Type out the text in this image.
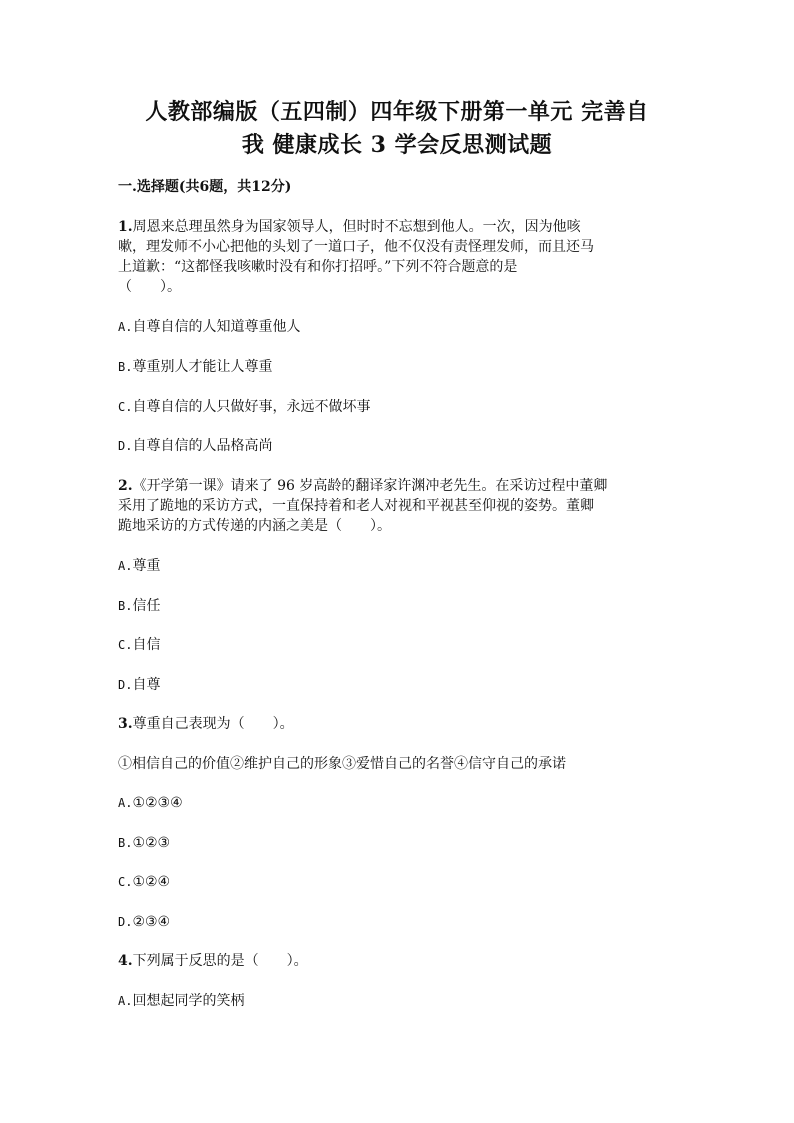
人教部编版（五四制）四年级下册第一单元 完善自
我 健康成长 3 学会反思测试题
一.选择题(共6题，共12分)
1.周恩来总理虽然身为国家领导人，但时时不忘想到他人。一次，因为他咳
嗽，理发师不小心把他的头划了一道口子，他不仅没有责怪理发师，而且还马
上道歉：“这都怪我咳嗽时没有和你打招呼。”下列不符合题意的是
（　　）。
A.自尊自信的人知道尊重他人
B.尊重别人才能让人尊重
C.自尊自信的人只做好事，永远不做坏事
D.自尊自信的人品格高尚
2.《开学第一课》请来了 96 岁高龄的翻译家许渊冲老先生。在采访过程中董卿
采用了跪地的采访方式，一直保持着和老人对视和平视甚至仰视的姿势。董卿
跪地采访的方式传递的内涵之美是（　　）。
A.尊重
B.信任
C.自信
D.自尊
3.尊重自己表现为（　　）。
①相信自己的价值②维护自己的形象③爱惜自己的名誉④信守自己的承诺
A.①②③④
B.①②③
C.①②④
D.②③④
4.下列属于反思的是（　　）。
A.回想起同学的笑柄
